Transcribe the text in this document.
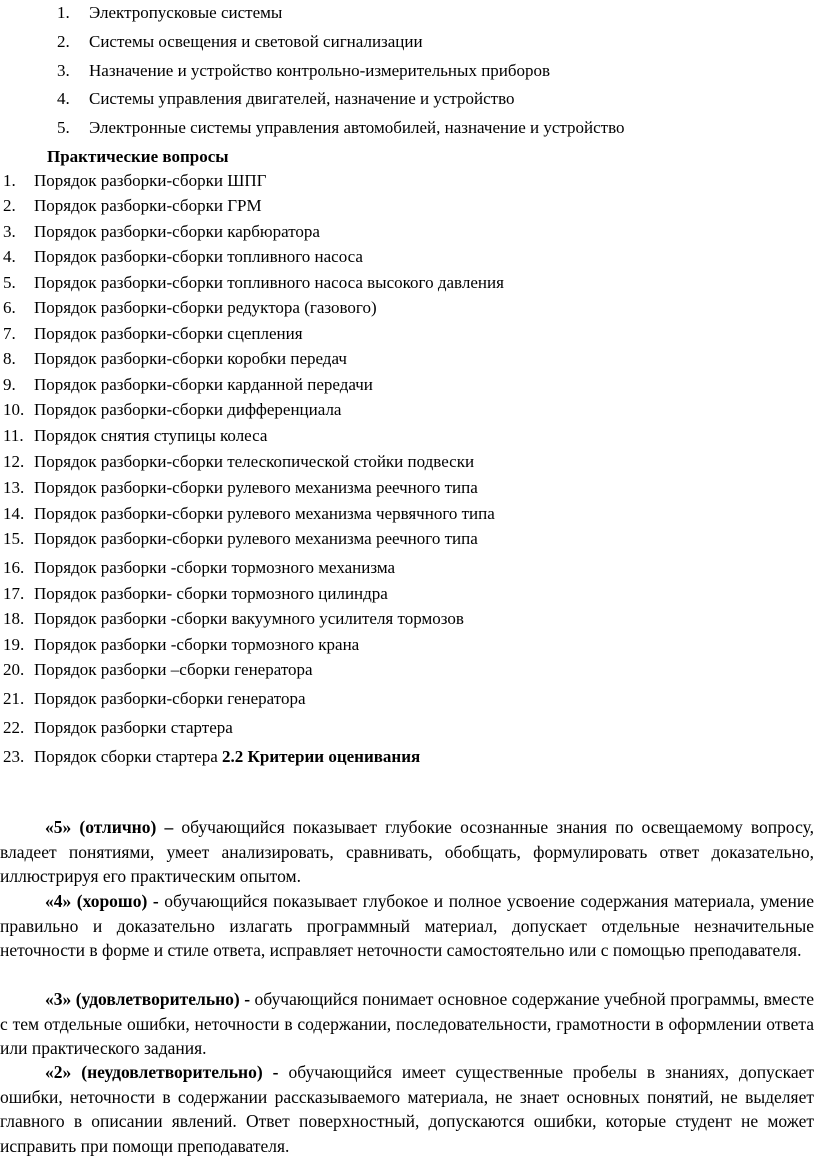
1. Электропусковые системы
2. Системы освещения и световой сигнализации
3. Назначение и устройство контрольно-измерительных приборов
4. Системы управления двигателей, назначение и устройство
5. Электронные системы управления автомобилей, назначение и устройство
Практические вопросы
1. Порядок разборки-сборки ШПГ
2. Порядок разборки-сборки ГРМ
3. Порядок разборки-сборки карбюратора
4. Порядок разборки-сборки топливного насоса
5. Порядок разборки-сборки топливного насоса высокого давления
6. Порядок разборки-сборки редуктора (газового)
7. Порядок разборки-сборки сцепления
8. Порядок разборки-сборки коробки передач
9. Порядок разборки-сборки карданной передачи
10. Порядок разборки-сборки дифференциала
11. Порядок снятия ступицы колеса
12. Порядок разборки-сборки телескопической стойки подвески
13. Порядок разборки-сборки рулевого механизма реечного типа
14. Порядок разборки-сборки рулевого механизма червячного типа
15. Порядок разборки-сборки рулевого механизма реечного типа
16. Порядок разборки -сборки тормозного механизма
17. Порядок разборки- сборки тормозного цилиндра
18. Порядок разборки -сборки вакуумного усилителя тормозов
19. Порядок разборки -сборки тормозного крана
20. Порядок разборки –сборки генератора
21. Порядок разборки-сборки генератора
22. Порядок разборки стартера
23. Порядок сборки стартера 2.2 Критерии оценивания
«5» (отлично) – обучающийся показывает глубокие осознанные знания по освещаемому вопросу, владеет понятиями, умеет анализировать, сравнивать, обобщать, формулировать ответ доказательно, иллюстрируя его практическим опытом.
«4» (хорошо) - обучающийся показывает глубокое и полное усвоение содержания материала, умение правильно и доказательно излагать программный материал, допускает отдельные незначительные неточности в форме и стиле ответа, исправляет неточности самостоятельно или с помощью преподавателя.
«3» (удовлетворительно) - обучающийся понимает основное содержание учебной программы, вместе с тем отдельные ошибки, неточности в содержании, последовательности, грамотности в оформлении ответа или практического задания.
«2» (неудовлетворительно) - обучающийся имеет существенные пробелы в знаниях, допускает ошибки, неточности в содержании рассказываемого материала, не знает основных понятий, не выделяет главного в описании явлений. Ответ поверхностный, допускаются ошибки, которые студент не может исправить при помощи преподавателя.
